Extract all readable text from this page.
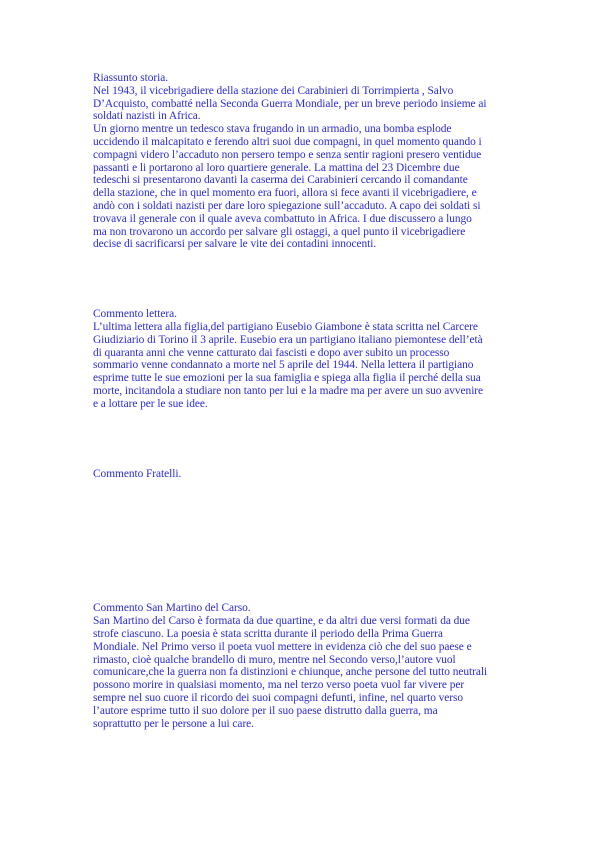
Riassunto storia.
Nel 1943, il vicebrigadiere della stazione dei Carabinieri di Torrimpierta , Salvo D’Acquisto, combatté nella Seconda Guerra Mondiale, per un breve periodo insieme ai soldati nazisti in Africa.
Un giorno mentre un tedesco stava frugando in un armadio, una bomba esplode uccidendo il malcapitato e ferendo altri suoi due compagni, in quel momento quando i compagni videro l’accaduto non persero tempo e senza sentir ragioni presero ventidue passanti e li portarono al loro quartiere generale. La mattina del 23 Dicembre due tedeschi si presentarono davanti la caserma dei Carabinieri cercando il comandante della stazione, che in quel momento era fuori, allora si fece avanti il vicebrigadiere, e andò con i soldati nazisti per dare loro spiegazione sull’accaduto. A capo dei soldati si trovava il generale con il quale aveva combattuto in Africa. I due discussero a lungo ma non trovarono un accordo per salvare gli ostaggi, a quel punto il vicebrigadiere decise di sacrificarsi per salvare le vite dei contadini innocenti.
Commento lettera.
L’ultima lettera alla figlia,del partigiano Eusebio Giambone è stata scritta nel Carcere Giudiziario di Torino il 3 aprile. Eusebio era un partigiano italiano piemontese dell’età di quaranta anni che venne catturato dai fascisti e dopo aver subito un processo sommario venne condannato a morte nel 5 aprile del 1944. Nella lettera il partigiano esprime tutte le sue emozioni per la sua famiglia e spiega alla figlia il perché della sua morte, incitandola a studiare non tanto per lui e la madre ma per avere un suo avvenire e a lottare per le sue idee.
Commento Fratelli.
Commento San Martino del Carso.
San Martino del Carso è formata da due quartine, e da altri due versi formati da due strofe ciascuno. La poesia è stata scritta durante il periodo della Prima Guerra Mondiale. Nel Primo verso il poeta vuol mettere in evidenza ciò che del suo paese e rimasto, cioè qualche brandello di muro, mentre nel Secondo verso,l’autore vuol comunicare,che la guerra non fa distinzioni e chiunque, anche persone del tutto neutrali possono morire in qualsiasi momento, ma nel terzo verso poeta vuol far vivere per sempre nel suo cuore il ricordo dei suoi compagni defunti, infine, nel quarto verso l’autore esprime tutto il suo dolore per il suo paese distrutto dalla guerra, ma soprattutto per le persone a lui care.
